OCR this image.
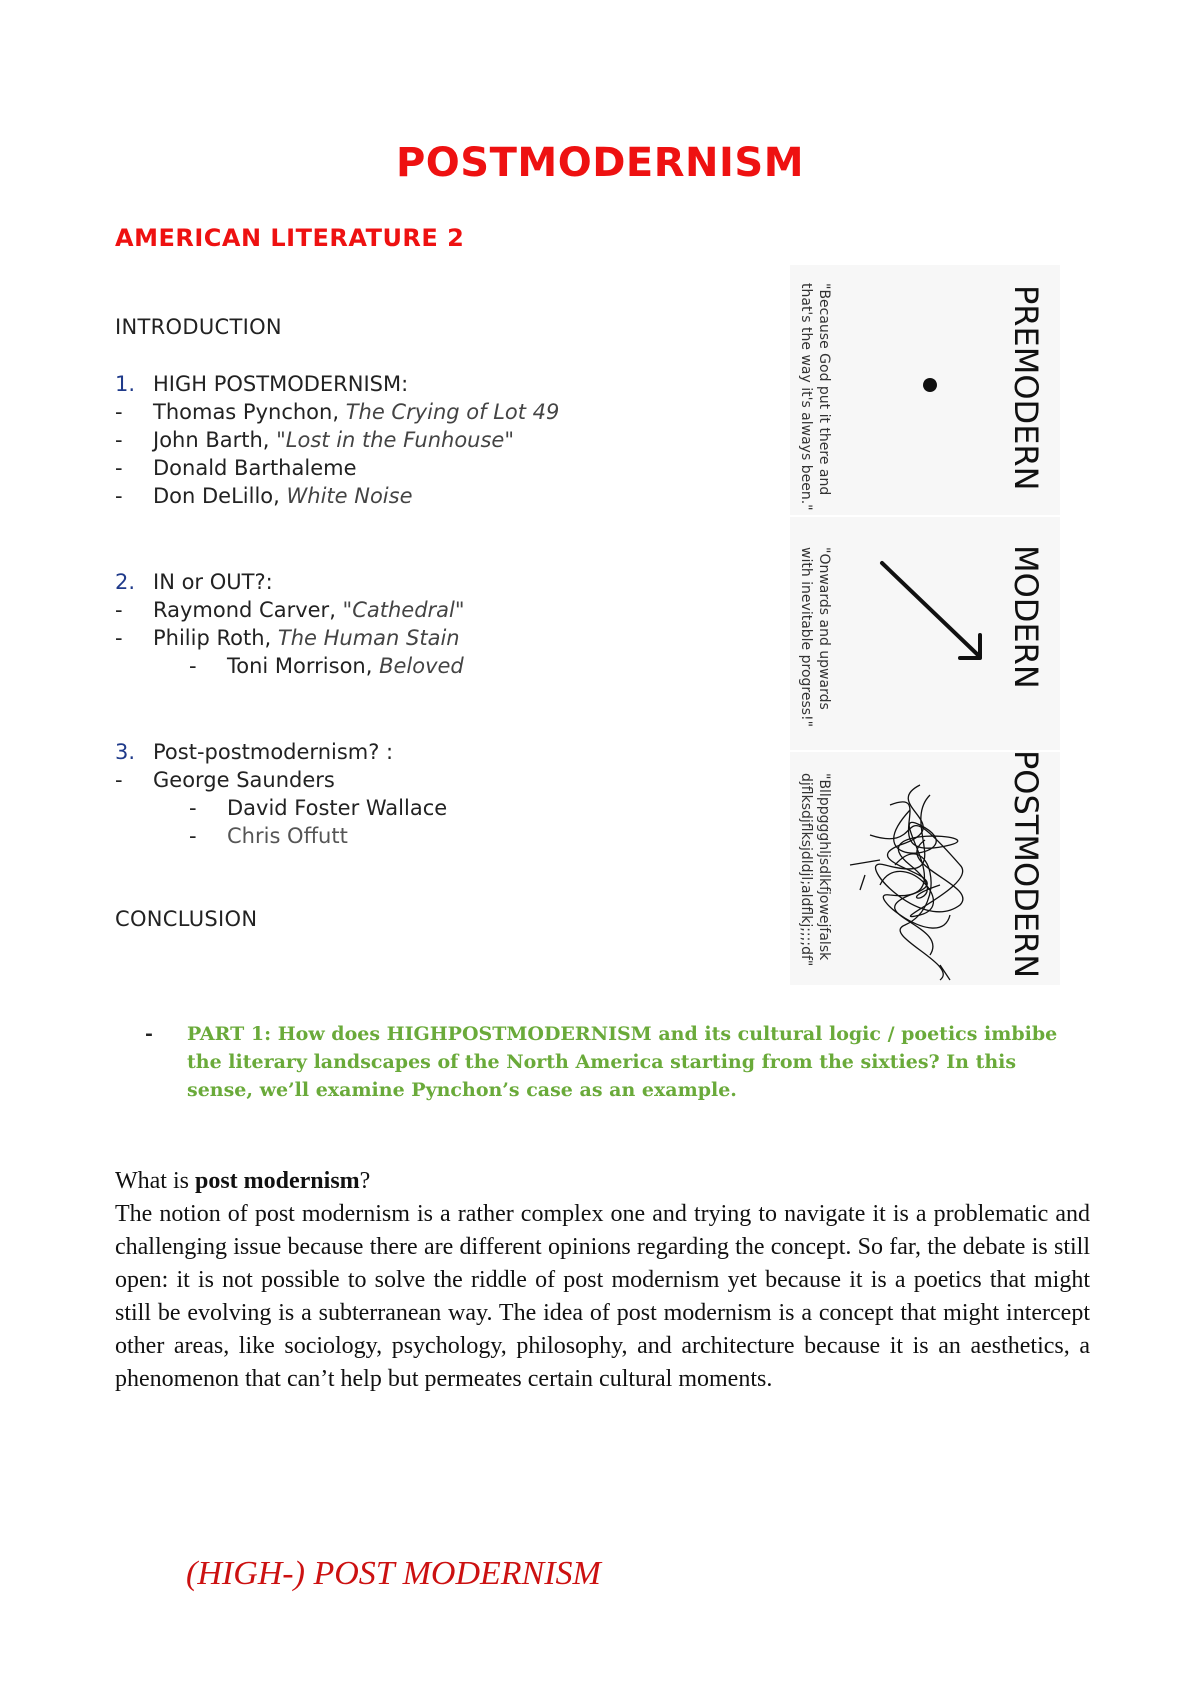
POSTMODERNISM
AMERICAN LITERATURE 2
INTRODUCTION
1. HIGH POSTMODERNISM:
-	Thomas Pynchon, The Crying of Lot 49
-	John Barth, "Lost in the Funhouse"
-	Donald Barthaleme
-	Don DeLillo, White Noise
2. IN or OUT?:
-	Raymond Carver, "Cathedral"
-	Philip Roth, The Human Stain
-	Toni Morrison, Beloved
3. Post-postmodernism? :
-	George Saunders
-	David Foster Wallace
-	Chris Offutt
CONCLUSION
PREMODERN
MODERN
POSTMODERN
"Because God put it there and
that's the way it's always been."
"Onwards and upwards
with inevitable progress!"
"Bllppggghljsdlkfjowejfalsk
djflksdjflksjdldjl;aldflkj;;;;df"
-	PART 1: How does HIGHPOSTMODERNISM and its cultural logic / poetics imbibe the literary landscapes of the North America starting from the sixties? In this sense, we’ll examine Pynchon’s case as an example.
What is post modernism?

The notion of post modernism is a rather complex one and trying to navigate it is a problematic and challenging issue because there are different opinions regarding the concept. So far, the debate is still open: it is not possible to solve the riddle of post modernism yet because it is a poetics that might still be evolving is a subterranean way. The idea of post modernism is a concept that might intercept other areas, like sociology, psychology, philosophy, and architecture because it is an aesthetics, a phenomenon that can’t help but permeates certain cultural moments.

(HIGH-) POST MODERNISM
